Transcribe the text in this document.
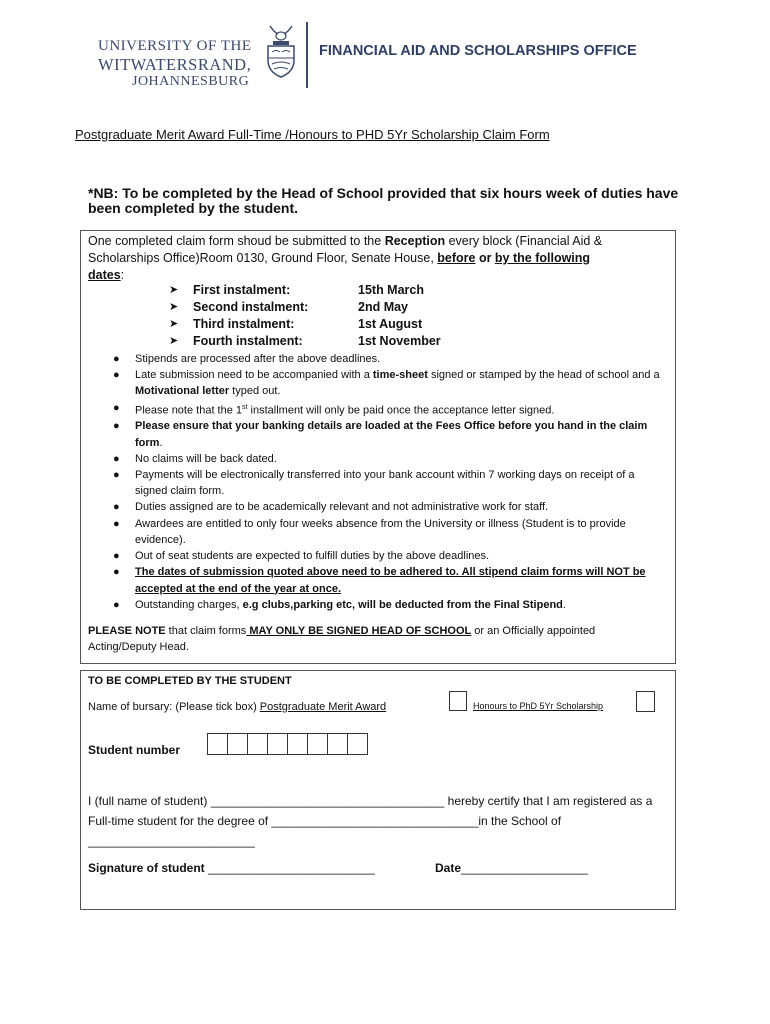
UNIVERSITY OF THE
WITWATERSRAND,
JOHANNESBURG
FINANCIAL AID AND SCHOLARSHIPS OFFICE
Postgraduate Merit Award Full-Time /Honours to PHD 5Yr Scholarship Claim Form
*NB: To be completed by the Head of School provided that six hours week of duties have been completed by the student.
One completed claim form shoud be submitted to the Reception every block (Financial Aid & Scholarships Office)Room 0130, Ground Floor, Senate House, before or by the following
dates:
➤ First instalment:	15th March
➤ Second instalment:	2nd May
➤ Third instalment:	1st August
➤ Fourth instalment:	1st November
● Stipends are processed after the above deadlines.
● Late submission need to be accompanied with a time-sheet signed or stamped by the head of school and a Motivational letter typed out.
● Please note that the 1st installment will only be paid once the acceptance letter signed.
● Please ensure that your banking details are loaded at the Fees Office before you hand in the claim form.
● No claims will be back dated.
● Payments will be electronically transferred into your bank account within 7 working days on receipt of a signed claim form.
● Duties assigned are to be academically relevant and not administrative work for staff.
● Awardees are entitled to only four weeks absence from the University or illness (Student is to provide evidence).
● Out of seat students are expected to fulfill duties by the above deadlines.
● The dates of submission quoted above need to be adhered to. All stipend claim forms will NOT be accepted at the end of the year at once.
● Outstanding charges, e.g clubs,parking etc, will be deducted from the Final Stipend.
PLEASE NOTE that claim forms MAY ONLY BE SIGNED HEAD OF SCHOOL or an Officially appointed Acting/Deputy Head.
TO BE COMPLETED BY THE STUDENT
Name of bursary: (Please tick box) Postgraduate Merit Award	Honours to PhD 5Yr Scholarship
Student number
I (full name of student) ___________________________________ hereby certify that I am registered as a Full-time student for the degree of _______________________________in the School of _________________________
Signature of student _________________________	Date___________________
